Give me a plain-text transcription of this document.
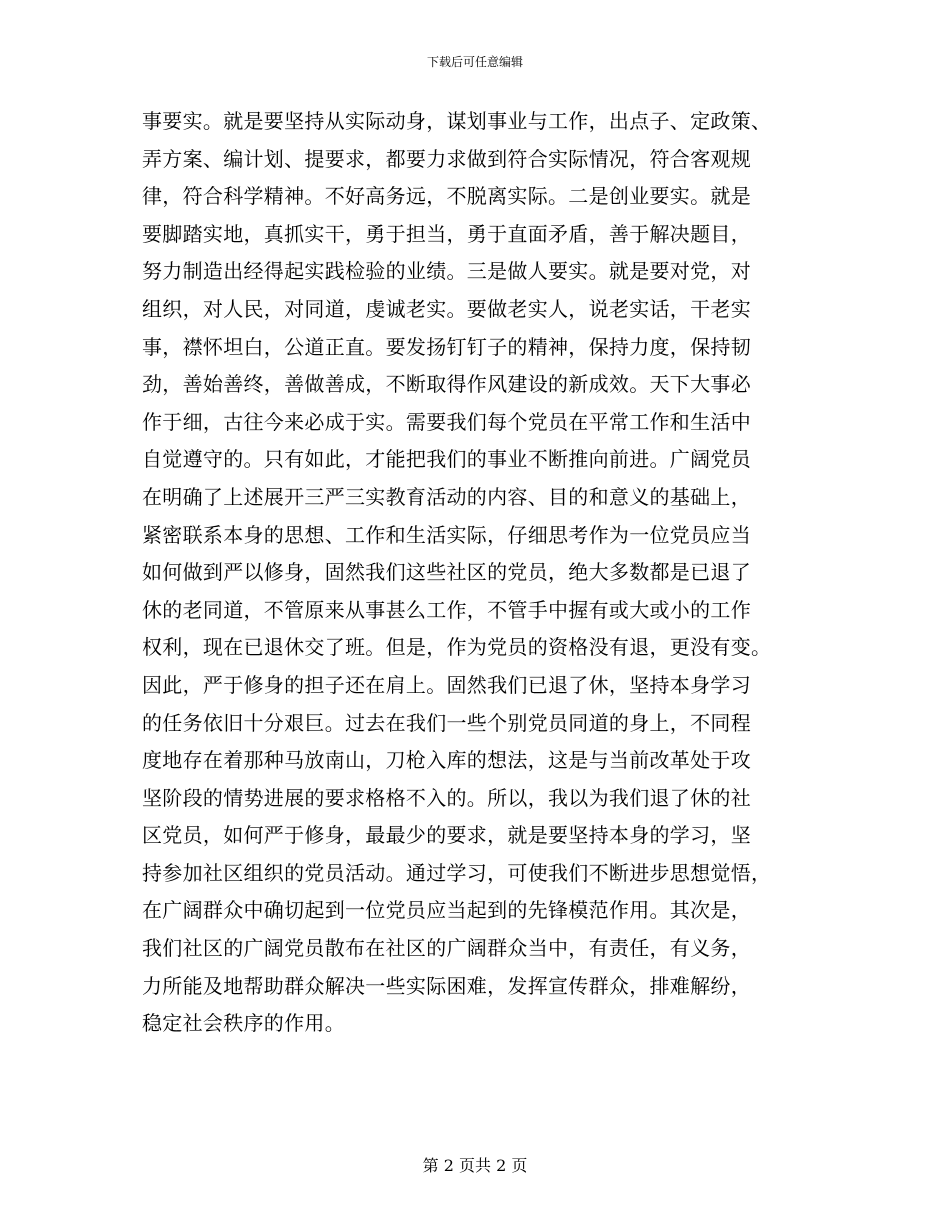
下载后可任意编辑
事要实。就是要坚持从实际动身，谋划事业与工作，出点子、定政策、
弄方案、编计划、提要求，都要力求做到符合实际情况，符合客观规
律，符合科学精神。不好高务远，不脱离实际。二是创业要实。就是
要脚踏实地，真抓实干，勇于担当，勇于直面矛盾，善于解决题目，
努力制造出经得起实践检验的业绩。三是做人要实。就是要对党，对
组织，对人民，对同道，虔诚老实。要做老实人，说老实话，干老实
事，襟怀坦白，公道正直。要发扬钉钉子的精神，保持力度，保持韧
劲，善始善终，善做善成，不断取得作风建设的新成效。天下大事必
作于细，古往今来必成于实。需要我们每个党员在平常工作和生活中
自觉遵守的。只有如此，才能把我们的事业不断推向前进。广阔党员
在明确了上述展开三严三实教育活动的内容、目的和意义的基础上，
紧密联系本身的思想、工作和生活实际，仔细思考作为一位党员应当
如何做到严以修身，固然我们这些社区的党员，绝大多数都是已退了
休的老同道，不管原来从事甚么工作，不管手中握有或大或小的工作
权利，现在已退休交了班。但是，作为党员的资格没有退，更没有变。
因此，严于修身的担子还在肩上。固然我们已退了休，坚持本身学习
的任务依旧十分艰巨。过去在我们一些个别党员同道的身上，不同程
度地存在着那种马放南山，刀枪入库的想法，这是与当前改革处于攻
坚阶段的情势进展的要求格格不入的。所以，我以为我们退了休的社
区党员，如何严于修身，最最少的要求，就是要坚持本身的学习，坚
持参加社区组织的党员活动。通过学习，可使我们不断进步思想觉悟，
在广阔群众中确切起到一位党员应当起到的先锋模范作用。其次是，
我们社区的广阔党员散布在社区的广阔群众当中，有责任，有义务，
力所能及地帮助群众解决一些实际困难，发挥宣传群众，排难解纷，
稳定社会秩序的作用。
第 2 页共 2 页
